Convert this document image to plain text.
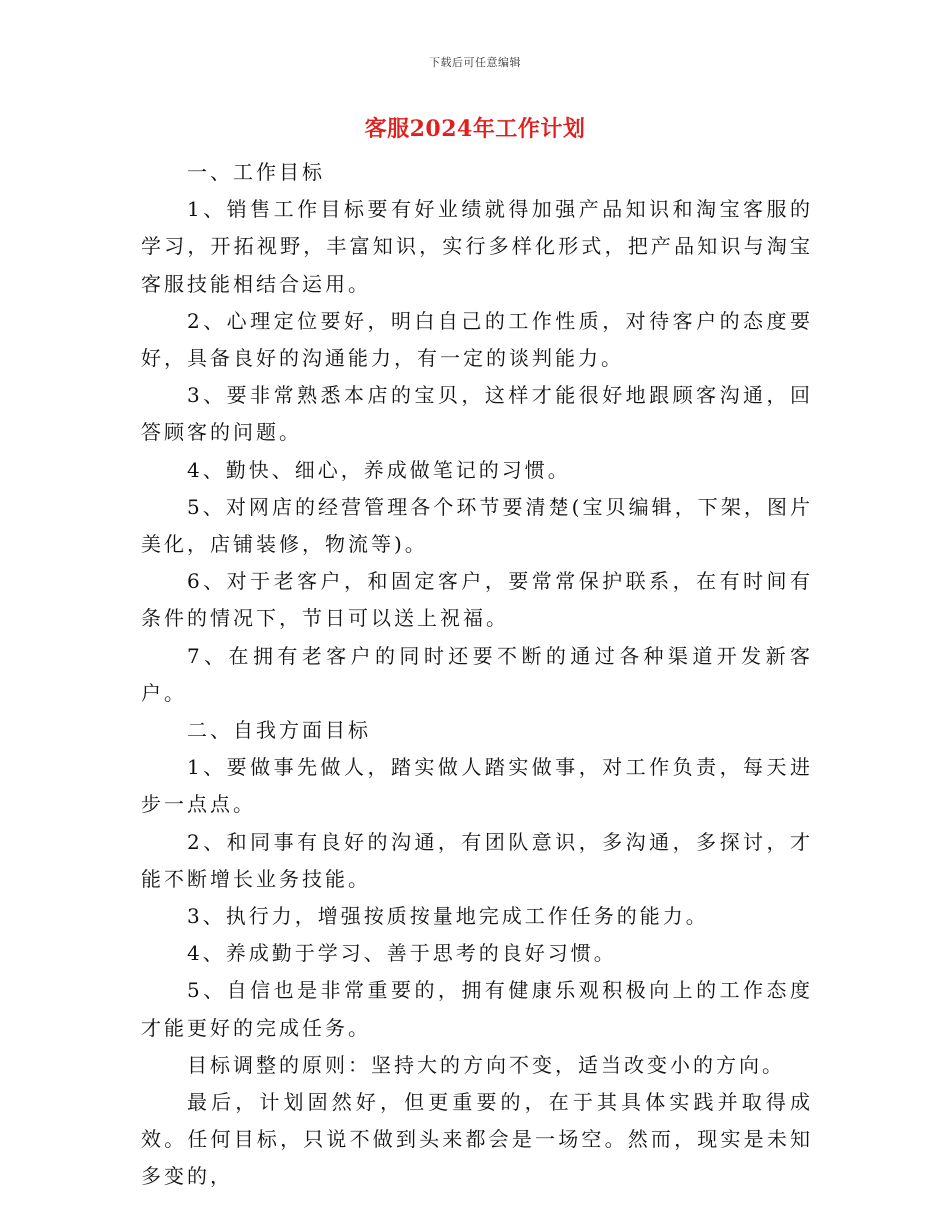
下载后可任意编辑
客服2024年工作计划

一、工作目标

1、销售工作目标要有好业绩就得加强产品知识和淘宝客服的学习，开拓视野，丰富知识，实行多样化形式，把产品知识与淘宝客服技能相结合运用。

2、心理定位要好，明白自己的工作性质，对待客户的态度要好，具备良好的沟通能力，有一定的谈判能力。

3、要非常熟悉本店的宝贝，这样才能很好地跟顾客沟通，回答顾客的问题。

4、勤快、细心，养成做笔记的习惯。

5、对网店的经营管理各个环节要清楚(宝贝编辑，下架，图片美化，店铺装修，物流等)。

6、对于老客户，和固定客户，要常常保护联系，在有时间有条件的情况下，节日可以送上祝福。

7、在拥有老客户的同时还要不断的通过各种渠道开发新客户。

二、自我方面目标

1、要做事先做人，踏实做人踏实做事，对工作负责，每天进步一点点。

2、和同事有良好的沟通，有团队意识，多沟通，多探讨，才能不断增长业务技能。

3、执行力，增强按质按量地完成工作任务的能力。

4、养成勤于学习、善于思考的良好习惯。

5、自信也是非常重要的，拥有健康乐观积极向上的工作态度才能更好的完成任务。

目标调整的原则：坚持大的方向不变，适当改变小的方向。

最后，计划固然好，但更重要的，在于其具体实践并取得成效。任何目标，只说不做到头来都会是一场空。然而，现实是未知多变的，
